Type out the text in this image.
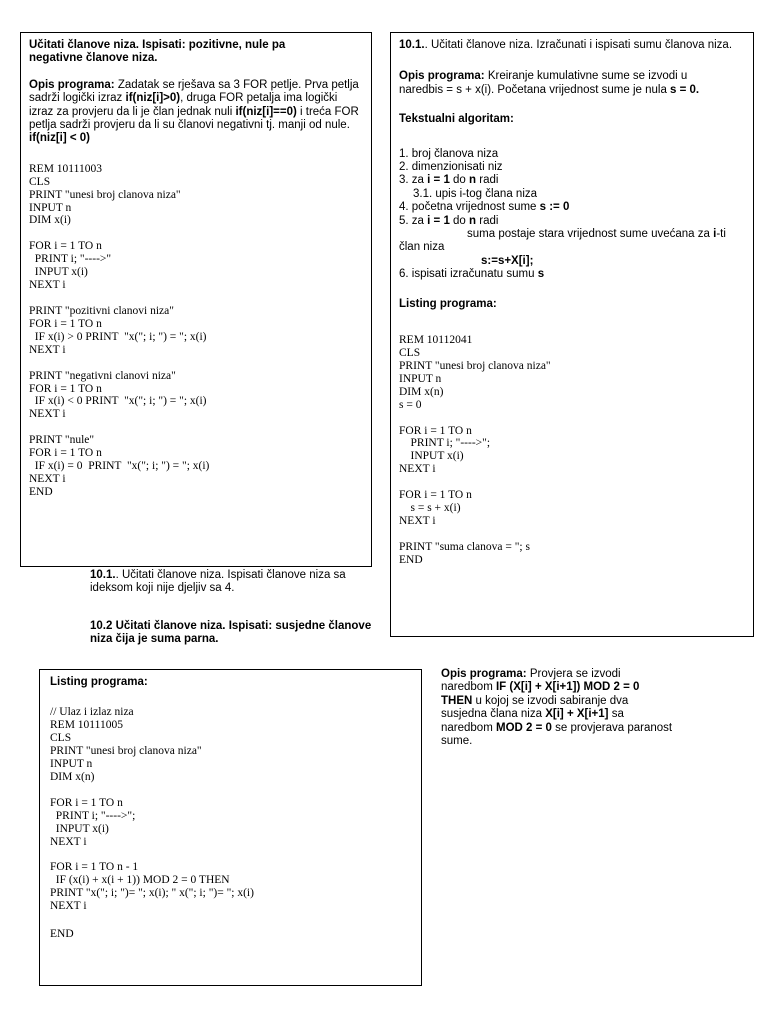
Učitati članove niza. Ispisati: pozitivne, nule pa negativne članove niza.

Opis programa: Zadatak se rješava sa 3 FOR petlje. Prva petlja sadrži logički izraz if(niz[i]>0), druga FOR petalja ima logički izraz za provjeru da li je član jednak nuli if(niz[i]==0) i treća FOR petlja sadrži provjeru da li su članovi negativni tj. manji od nule. if(niz[i] < 0)

REM 10111003
CLS
PRINT "unesi broj clanova niza"
INPUT n
DIM x(i)
FOR i = 1 TO n
PRINT i; "---->"
INPUT x(i)
NEXT i
PRINT "pozitivni clanovi niza"
FOR i = 1 TO n
IF x(i) > 0 PRINT  "x("; i; ") = "; x(i)
NEXT i
PRINT "negativni clanovi niza"
FOR i = 1 TO n
IF x(i) < 0 PRINT  "x("; i; ") = "; x(i)
NEXT i
PRINT "nule"
FOR i = 1 TO n
IF x(i) = 0  PRINT  "x("; i; ") = "; x(i)
NEXT i
END
10.1.. Učitati članove niza. Ispisati članove niza sa ideksom koji nije djeljiv sa 4.
10.2 Učitati članove niza. Ispisati: susjedne članove niza čija je suma parna.

10.1.. Učitati članove niza. Izračunati i ispisati sumu članova niza.

Opis programa: Kreiranje kumulativne sume se izvodi u naredbis = s + x(i). Početana vrijednost sume je nula s = 0.

Tekstualni algoritam:

1. broj članova niza
2. dimenzionisati niz
3. za i = 1 do n radi
3.1. upis i-tog člana niza
4. početna vrijednost sume s := 0
5. za i = 1 do n radi
suma postaje stara vrijednost sume uvećana za i-ti član niza
s:=s+X[i];
6. ispisati izračunatu sumu s

Listing programa:

REM 10112041
CLS
PRINT "unesi broj clanova niza"
INPUT n
DIM x(n)
s = 0
FOR i = 1 TO n
PRINT i; "---->";
INPUT x(i)
NEXT i
FOR i = 1 TO n
s = s + x(i)
NEXT i
PRINT "suma clanova = "; s
END

Listing programa:

// Ulaz i izlaz niza
REM 10111005
CLS
PRINT "unesi broj clanova niza"
INPUT n
DIM x(n)
FOR i = 1 TO n
PRINT i; "---->";
INPUT x(i)
NEXT i
FOR i = 1 TO n - 1
IF (x(i) + x(i + 1)) MOD 2 = 0 THEN
PRINT "x("; i; ")= "; x(i); " x("; i; ")= "; x(i)
NEXT i
END
Opis programa: Provjera se izvodi naredbom IF (X[i] + X[i+1]) MOD 2 = 0 THEN u kojoj se izvodi sabiranje dva susjedna člana niza X[i] + X[i+1] sa naredbom MOD 2 = 0 se provjerava paranost sume.
